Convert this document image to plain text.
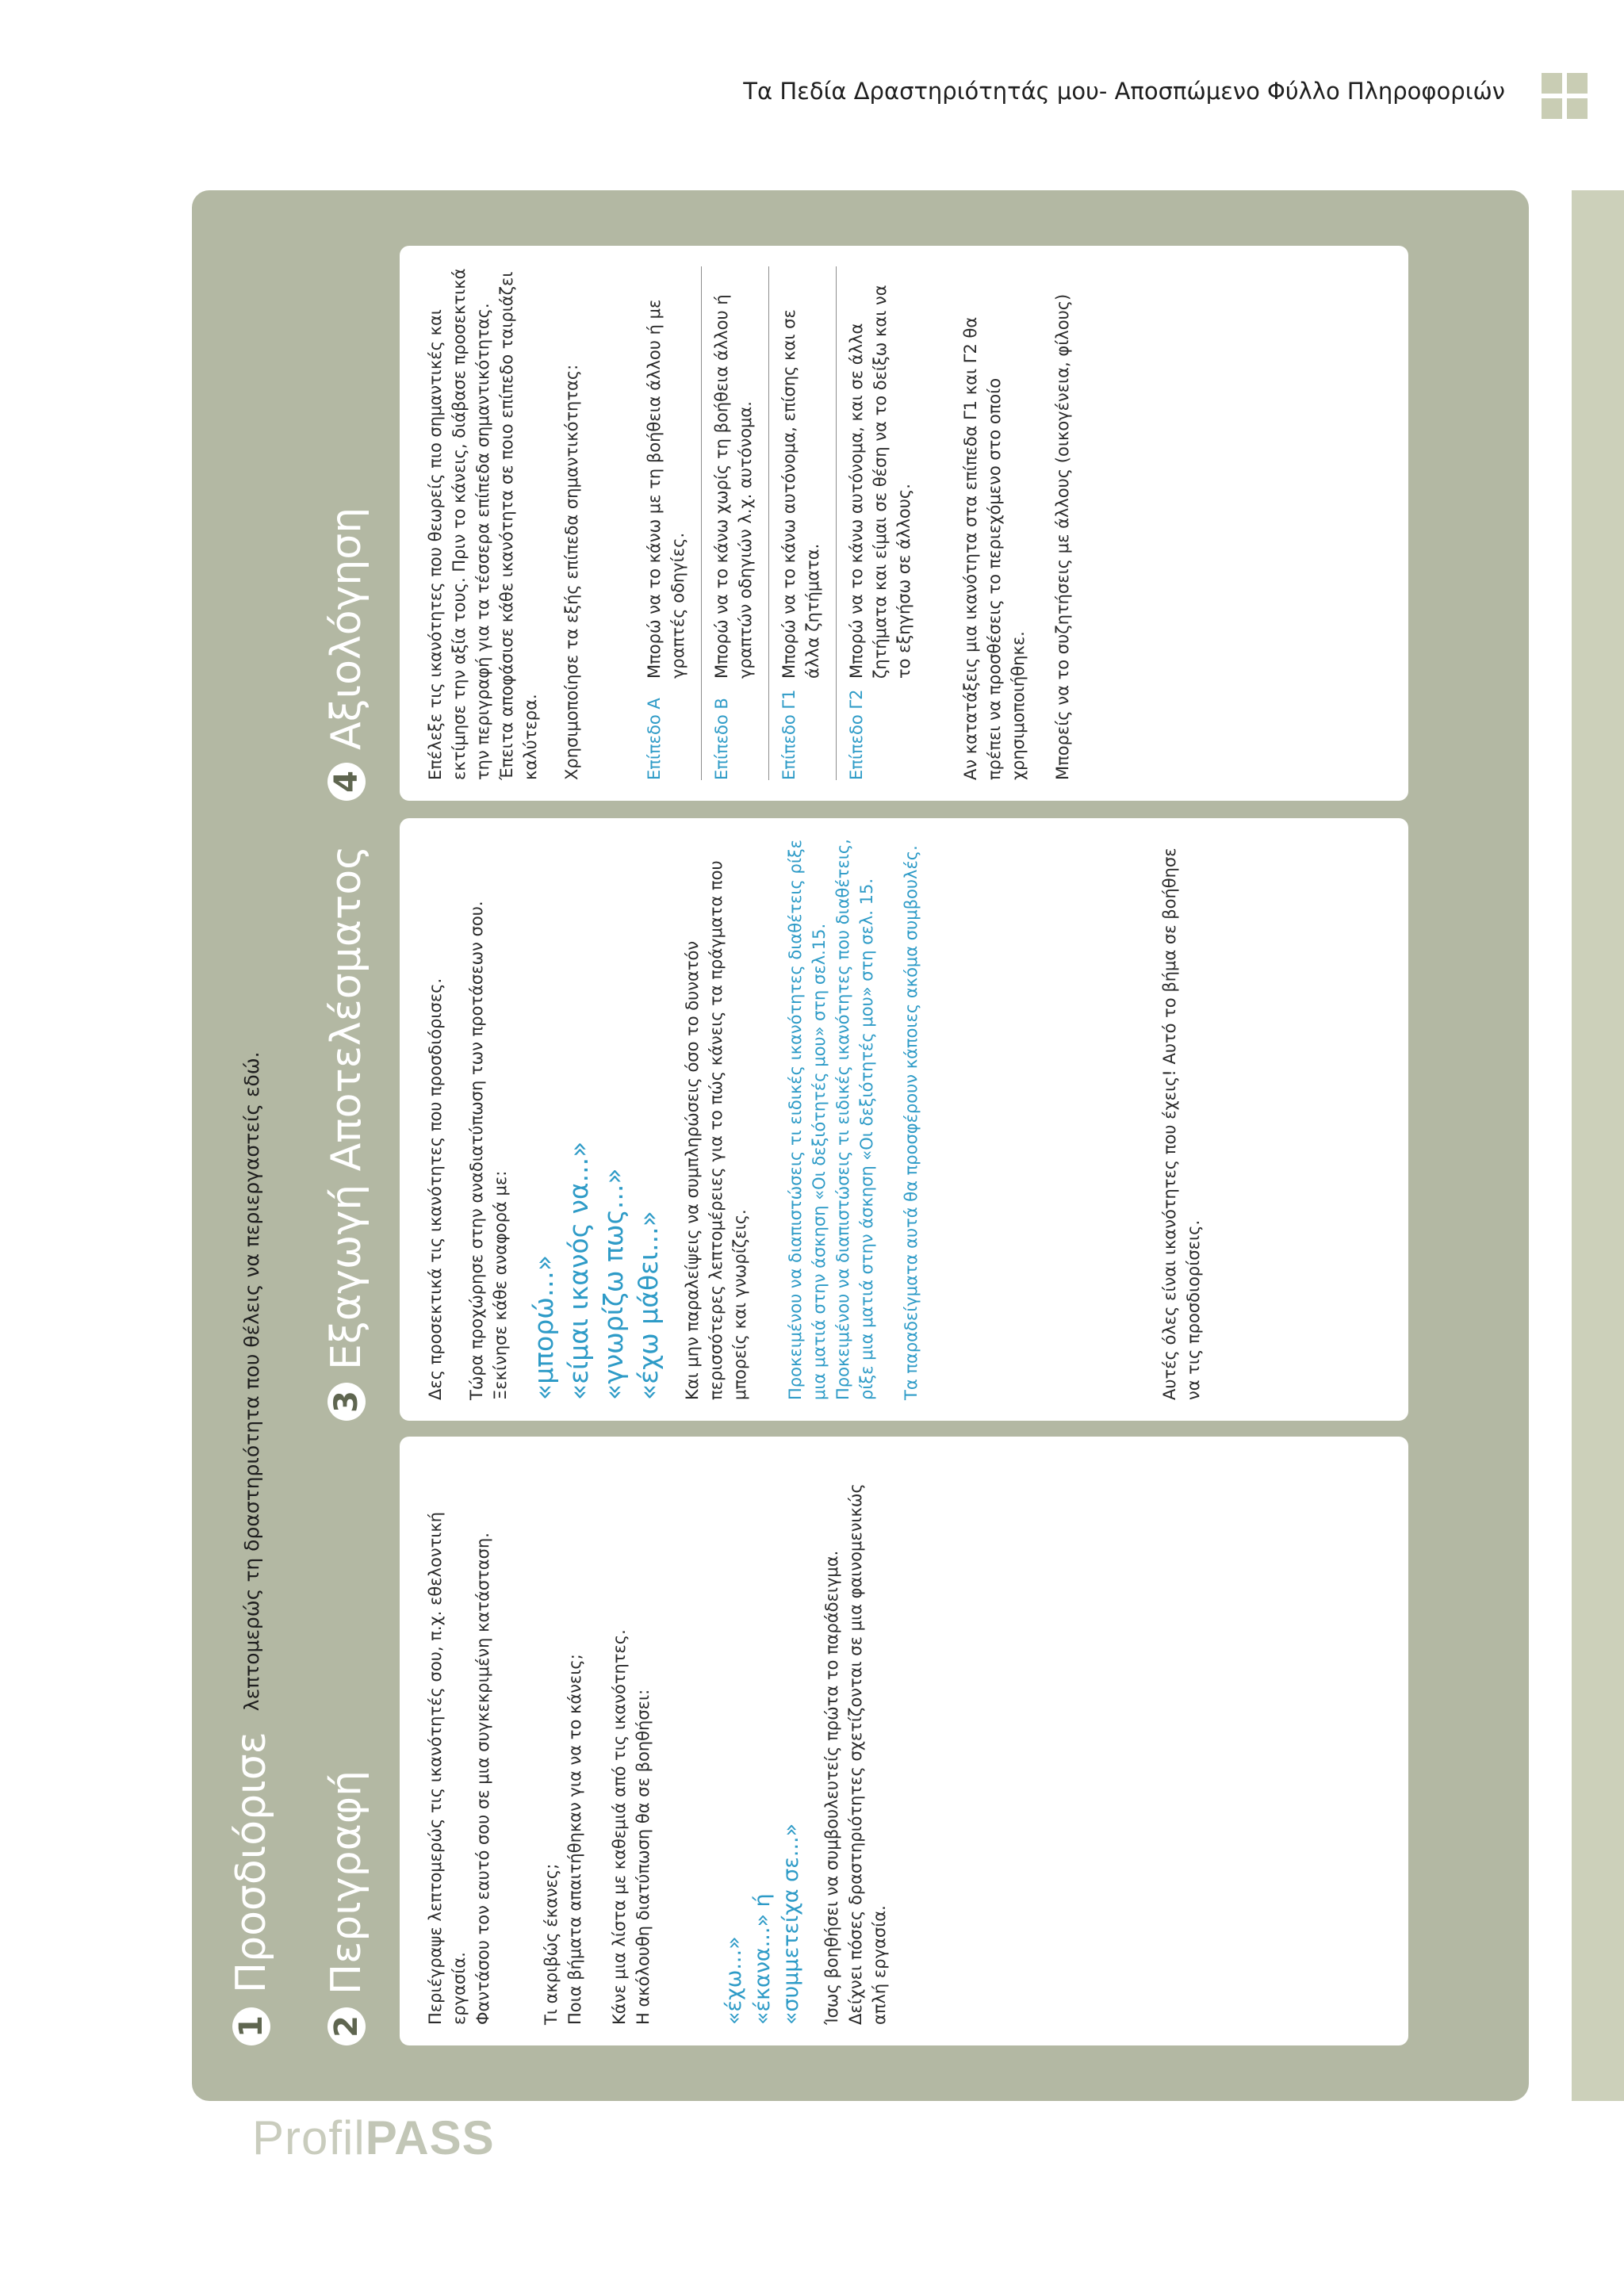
Τα Πεδία Δραστηριότητάς μου- Αποσπώμενο Φύλλο Πληροφοριών
1
Προσδιόρισε
λεπτομερώς τη δραστηριότητα που θέλεις να περιεργαστείς εδώ.
2
Περιγραφή	Περιέγραψε λεπτομερώς τις ικανότητές σου, π.χ. εθελοντική εργασία. Φαντάσου τον εαυτό σου σε μια συγκεκριμένη κατάσταση.	Τι ακριβώς έκανες; Ποια βήματα απαιτήθηκαν για να το κάνεις; Κάνε μια λίστα με καθεμιά από τις ικανότητες. Η ακόλουθη διατύπωση θα σε βοηθήσει:	«έχω...» «έκανα...» ή «συμμετείχα σε...» Ίσως βοηθήσει να συμβουλευτείς πρώτα το παράδειγμα. Δείχνει πόσες δραστηριότητες σχετίζονται σε μια φαινομενικώς απλή εργασία.

3
Εξαγωγή Αποτελέσματος	Δες προσεκτικά τις ικανότητες που προσδιόρισες. Τώρα προχώρησε στην αναδιατύπωση των προτάσεων σου. Ξεκίνησε κάθε αναφορά με: «μπορώ…» «είμαι ικανός να...» «γνωρίζω πως...» «έχω μάθει...» Και μην παραλείψεις να συμπληρώσεις όσο το δυνατόν περισσότερες λεπτομέρειες για το πώς κάνεις τα πράγματα που μπορείς και γνωρίζεις. Προκειμένου να διαπιστώσεις τι ειδικές ικανότητες διαθέτεις ρίξε μια ματιά στην άσκηση «Οι δεξιότητές μου» στη σελ.15. Προκειμένου να διαπιστώσεις τι ειδικές ικανότητες που διαθέτεις, ρίξε μια ματιά στην άσκηση «Οι δεξιότητές μου» στη σελ. 15. Τα παραδείγματα αυτά θα προσφέρουν κάποιες ακόμα συμβουλές.	Αυτές όλες είναι ικανότητες που έχεις! Αυτό το βήμα σε βοήθησε να τις προσδιορίσεις.

4
Αξιολόγηση	Επέλεξε τις ικανότητες που θεωρείς πιο σημαντικές και εκτίμησε την αξία τους. Πριν το κάνεις, διάβασε προσεκτικά την περιγραφή για τα τέσσερα επίπεδα σημαντικότητας. Έπειτα αποφάσισε κάθε ικανότητα σε ποιο επίπεδο ταιριάζει καλύτερα. Χρησιμοποίησε τα εξής επίπεδα σημαντικότητας:	Επίπεδο Α
Μπορώ να το κάνω με τη βοήθεια άλλου ή με γραπτές οδηγίες.
Επίπεδο Β
Μπορώ να το κάνω χωρίς τη βοήθεια άλλου ή γραπτών οδηγιών λ.χ. αυτόνομα.
Επίπεδο Γ1
Μπορώ να το κάνω αυτόνομα, επίσης και σε άλλα ζητήματα.
Επίπεδο Γ2
Μπορώ να το κάνω αυτόνομα, και σε άλλα ζητήματα και είμαι σε θέση να το δείξω και να το εξηγήσω σε άλλους.	Αν κατατάξεις μια ικανότητα στα επίπεδα Γ1 και Γ2 θα πρέπει να προσθέσεις το περιεχόμενο στο οποίο χρησιμοποιήθηκε. Μπορείς να το συζητήσεις με άλλους (οικογένεια, φίλους)

ProfilPASS
